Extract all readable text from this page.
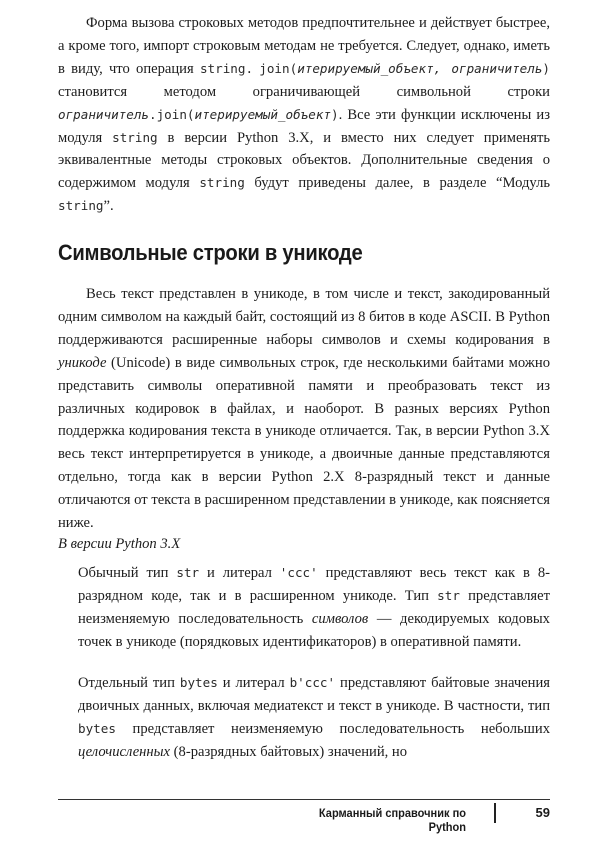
Форма вызова строковых методов предпочтительнее и действует быстрее, а кроме того, импорт строковым методам не требуется. Следует, однако, иметь в виду, что операция string. join(итерируемый_объект, ограничитель) становится методом ограничивающей символьной строки ограничитель.join(итерируемый_объект). Все эти функции исключены из модуля string в версии Python 3.X, и вместо них следует применять эквивалентные методы строковых объектов. Дополнительные сведения о содержимом модуля string будут приведены далее, в разделе “Модуль string”.

Символьные строки в уникоде

Весь текст представлен в уникоде, в том числе и текст, закодированный одним символом на каждый байт, состоящий из 8 битов в коде ASCII. В Python поддерживаются расширенные наборы символов и схемы кодирования в уникоде (Unicode) в виде символьных строк, где несколькими байтами можно представить символы оперативной памяти и преобразовать текст из различных кодировок в файлах, и наоборот. В разных версиях Python поддержка кодирования текста в уникоде отличается. Так, в версии Python 3.X весь текст интерпретируется в уникоде, а двоичные данные представляются отдельно, тогда как в версии Python 2.X 8-разрядный текст и данные отличаются от текста в расширенном представлении в уникоде, как поясняется ниже.

В версии Python 3.X

Обычный тип str и литерал 'ccc' представляют весь текст как в 8-разрядном коде, так и в расширенном уникоде. Тип str представляет неизменяемую последовательность символов — декодируемых кодовых точек в уникоде (порядковых идентификаторов) в оперативной памяти.

Отдельный тип bytes и литерал b'ccc' представляют байтовые значения двоичных данных, включая медиатекст и текст в уникоде. В частности, тип bytes представляет неизменяемую последовательность небольших целочисленных (8-разрядных байтовых) значений, но

Карманный справочник по Python
59
